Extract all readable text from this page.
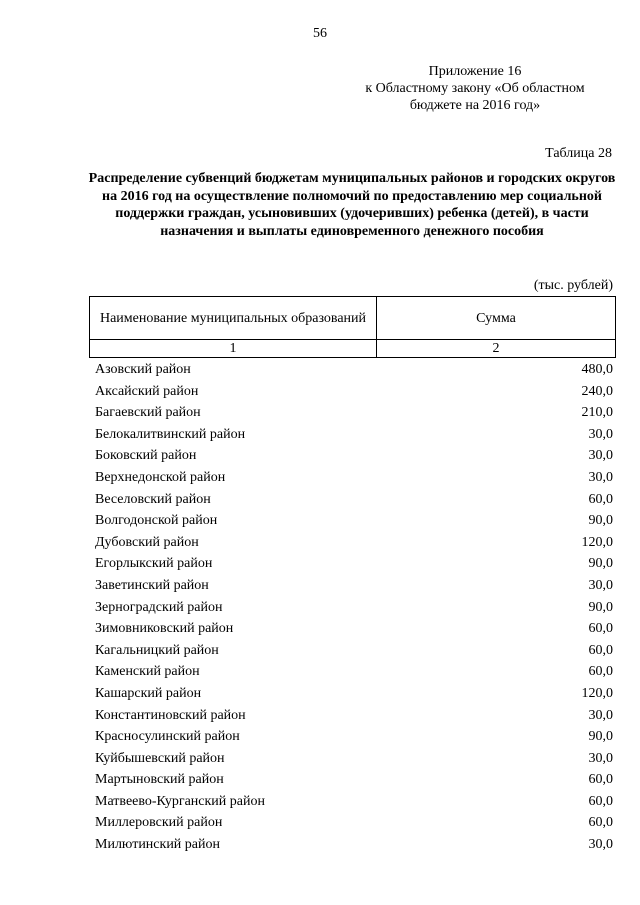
56
Приложение 16
к Областному закону «Об областном
бюджете на 2016 год»
Таблица 28
Распределение субвенций бюджетам муниципальных районов и городских округов на 2016 год на осуществление полномочий по предоставлению мер социальной поддержки граждан, усыновивших (удочеривших) ребенка (детей), в части назначения и выплаты единовременного денежного пособия
(тыс. рублей)
Наименование муниципальных образований	Сумма
1	2
Азовский район	480,0
Аксайский район	240,0
Багаевский район	210,0
Белокалитвинский район	30,0
Боковский район	30,0
Верхнедонской район	30,0
Веселовский район	60,0
Волгодонской район	90,0
Дубовский район	120,0
Егорлыкский район	90,0
Заветинский район	30,0
Зерноградский район	90,0
Зимовниковский район	60,0
Кагальницкий район	60,0
Каменский район	60,0
Кашарский район	120,0
Константиновский район	30,0
Красносулинский район	90,0
Куйбышевский район	30,0
Мартыновский район	60,0
Матвеево-Курганский район	60,0
Миллеровский район	60,0
Милютинский район	30,0
